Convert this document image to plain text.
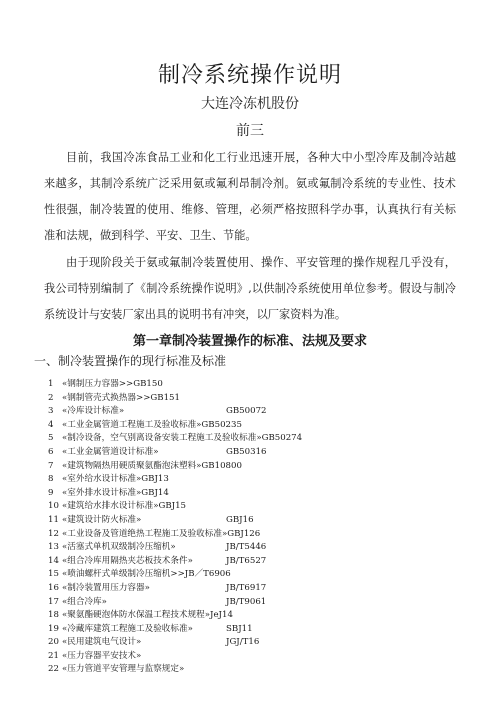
制冷系统操作说明
大连冷冻机股份
前三

目前，我国冷冻食品工业和化工行业迅速开展，各种大中小型冷库及制冷站越来越多，其制冷系统广泛采用氨或氟利昂制冷剂。氨或氟制冷系统的专业性、技术性很强，制冷装置的使用、维修、管理，必须严格按照科学办事，认真执行有关标准和法规，做到科学、平安、卫生、节能。

由于现阶段关于氨或氟制冷装置使用、操作、平安管理的操作规程几乎没有，我公司特别编制了《制冷系统操作说明》,以供制冷系统使用单位参考。假设与制冷系统设计与安装厂家出具的说明书有冲突，以厂家资料为准。

第一章制冷装置操作的标准、法规及要求
一、制冷装置操作的现行标准及标准
1 «钢制压力容器>>GB150
2 «钢制管壳式换热器>>GB151
3 «冷库设计标准»	GB50072
4 «工业金属管道工程施工及验收标准»GB50235
5 «制冷设备，空气别离设备安装工程施工及验收标准»GB50274
6 «工业金属管道设计标准»	GB50316
7 «建筑物隔热用硬质聚氨酯泡沫塑料»GB10800
8 «室外给水设计标准»GBJ13
9 «室外排水设计标准»GBJ14
10 «建筑给水排水设计标准»GBJ15
11 «建筑设计防火标准»	GBJ16
12 «工业设备及管道绝热工程施工及验收标准»GBJ126
13 «活塞式单机双级制冷压缩机»	JB/T5446
14 «组合冷库用隔热夹芯板技术条件»	JB/T6527
15 «喷油螺杆式单级制冷压缩机>>JB／T6906
16 «制冷装置用压力容器»	JB/T6917
17 «组合冷库»	JB/T9061
18 «聚氨酯硬泡体防水保温工程技术规程»JeJ14
19 «冷藏库建筑工程施工及验收标准»	SBJ11
20 «民用建筑电气设计»	JGJ/T16
21 «压力容器平安技术»
22 «压力管道平安管理与监察规定»
